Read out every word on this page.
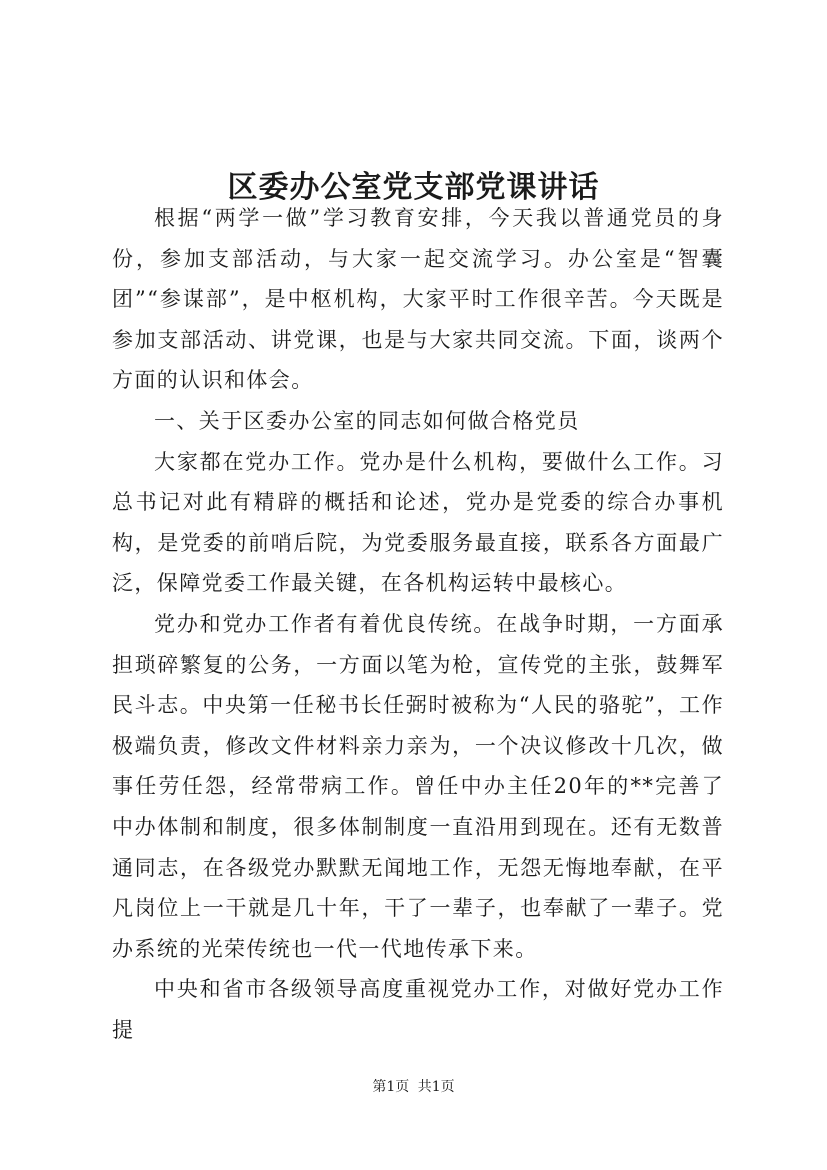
区委办公室党支部党课讲话

根据“两学一做”学习教育安排，今天我以普通党员的身份，参加支部活动，与大家一起交流学习。办公室是“智囊团”“参谋部”，是中枢机构，大家平时工作很辛苦。今天既是参加支部活动、讲党课，也是与大家共同交流。下面，谈两个方面的认识和体会。

一、关于区委办公室的同志如何做合格党员

大家都在党办工作。党办是什么机构，要做什么工作。习总书记对此有精辟的概括和论述，党办是党委的综合办事机构，是党委的前哨后院，为党委服务最直接，联系各方面最广泛，保障党委工作最关键，在各机构运转中最核心。

党办和党办工作者有着优良传统。在战争时期，一方面承担琐碎繁复的公务，一方面以笔为枪，宣传党的主张，鼓舞军民斗志。中央第一任秘书长任弼时被称为“人民的骆驼”，工作极端负责，修改文件材料亲力亲为，一个决议修改十几次，做事任劳任怨，经常带病工作。曾任中办主任20年的**完善了中办体制和制度，很多体制制度一直沿用到现在。还有无数普通同志，在各级党办默默无闻地工作，无怨无悔地奉献，在平凡岗位上一干就是几十年，干了一辈子，也奉献了一辈子。党办系统的光荣传统也一代一代地传承下来。

中央和省市各级领导高度重视党办工作，对做好党办工作提

第1页 共1页
